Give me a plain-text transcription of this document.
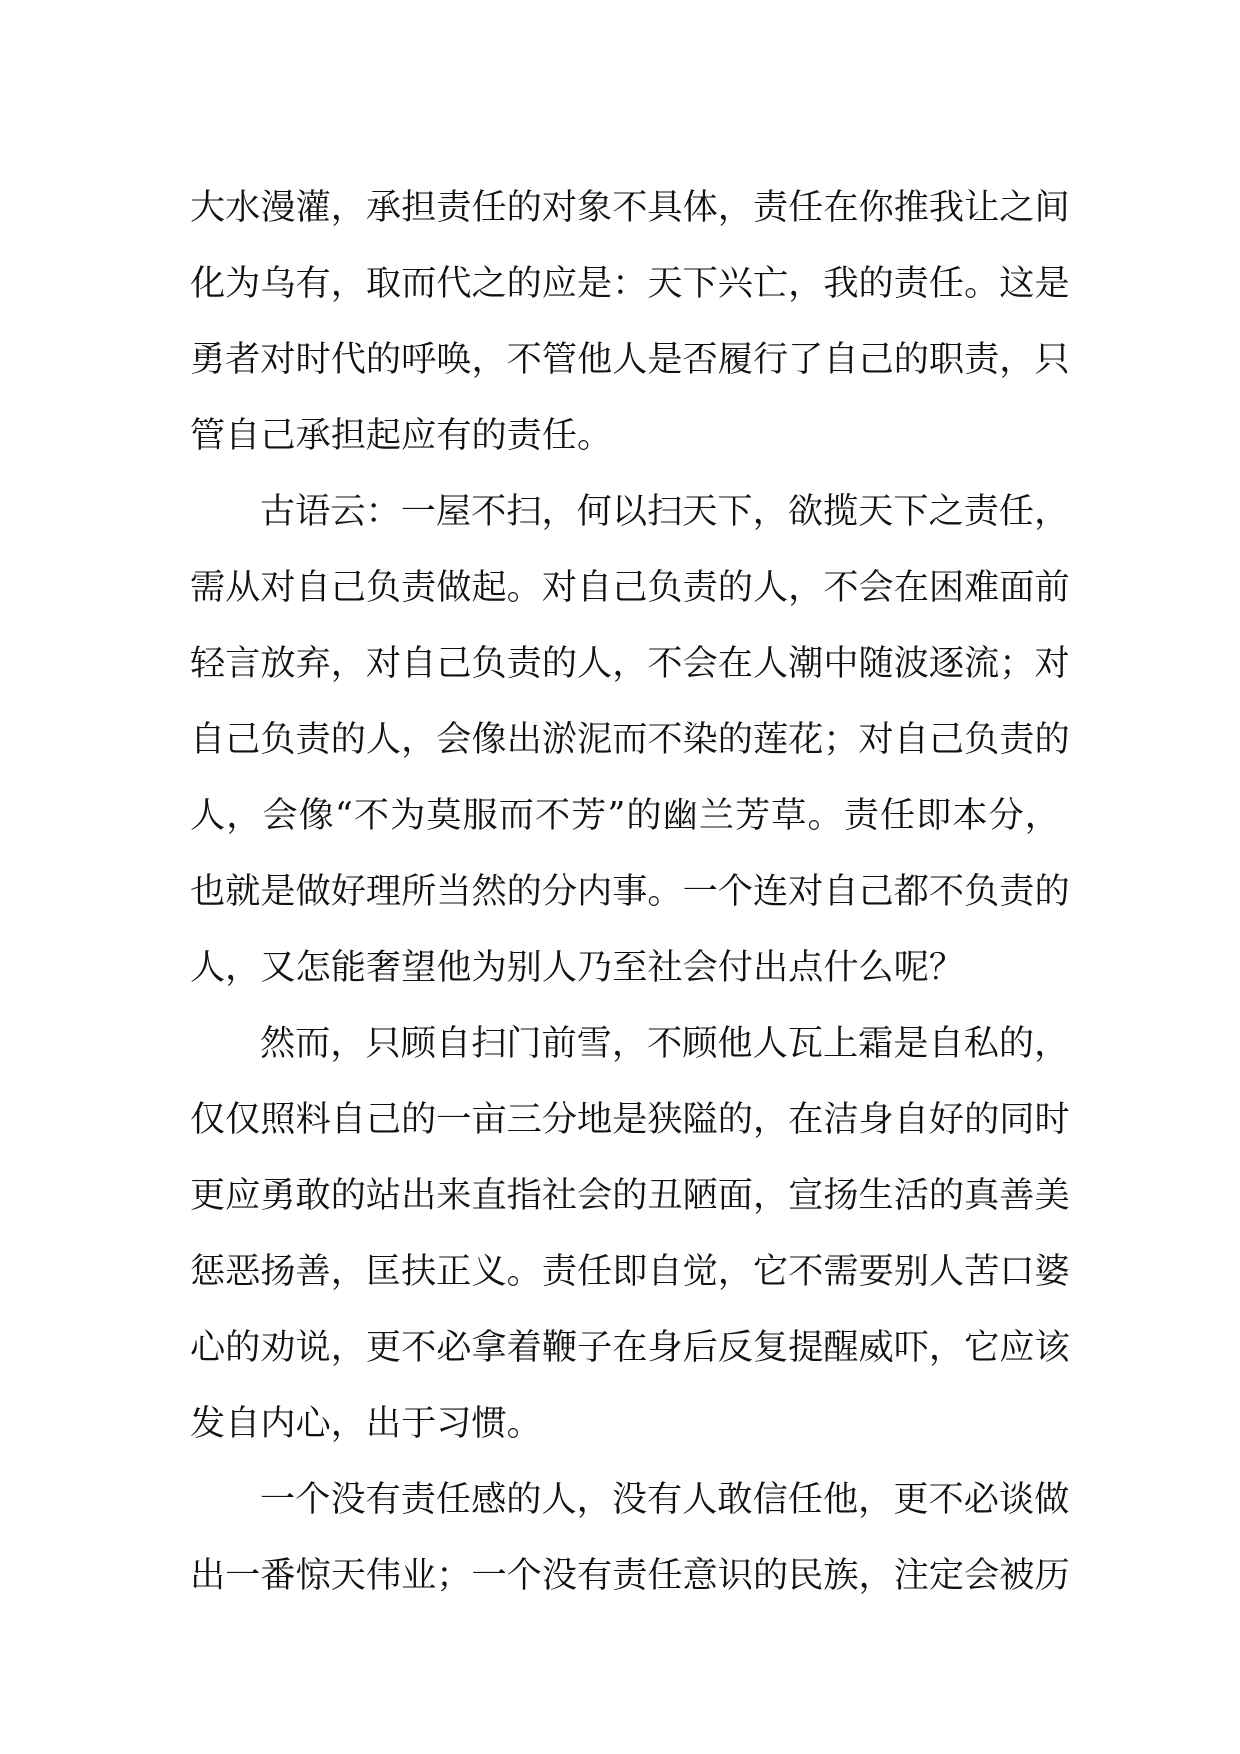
大水漫灌，承担责任的对象不具体，责任在你推我让之间
化为乌有，取而代之的应是：天下兴亡，我的责任。这是
勇者对时代的呼唤，不管他人是否履行了自己的职责，只
管自己承担起应有的责任。
古语云：一屋不扫，何以扫天下，欲揽天下之责任，
需从对自己负责做起。对自己负责的人，不会在困难面前
轻言放弃，对自己负责的人，不会在人潮中随波逐流；对
自己负责的人，会像出淤泥而不染的莲花；对自己负责的
人，会像“不为莫服而不芳”的幽兰芳草。责任即本分，
也就是做好理所当然的分内事。一个连对自己都不负责的
人，又怎能奢望他为别人乃至社会付出点什么呢？
然而，只顾自扫门前雪，不顾他人瓦上霜是自私的，
仅仅照料自己的一亩三分地是狭隘的，在洁身自好的同时
更应勇敢的站出来直指社会的丑陋面，宣扬生活的真善美
惩恶扬善，匡扶正义。责任即自觉，它不需要别人苦口婆
心的劝说，更不必拿着鞭子在身后反复提醒威吓，它应该
发自内心，出于习惯。
一个没有责任感的人，没有人敢信任他，更不必谈做
出一番惊天伟业；一个没有责任意识的民族，注定会被历
